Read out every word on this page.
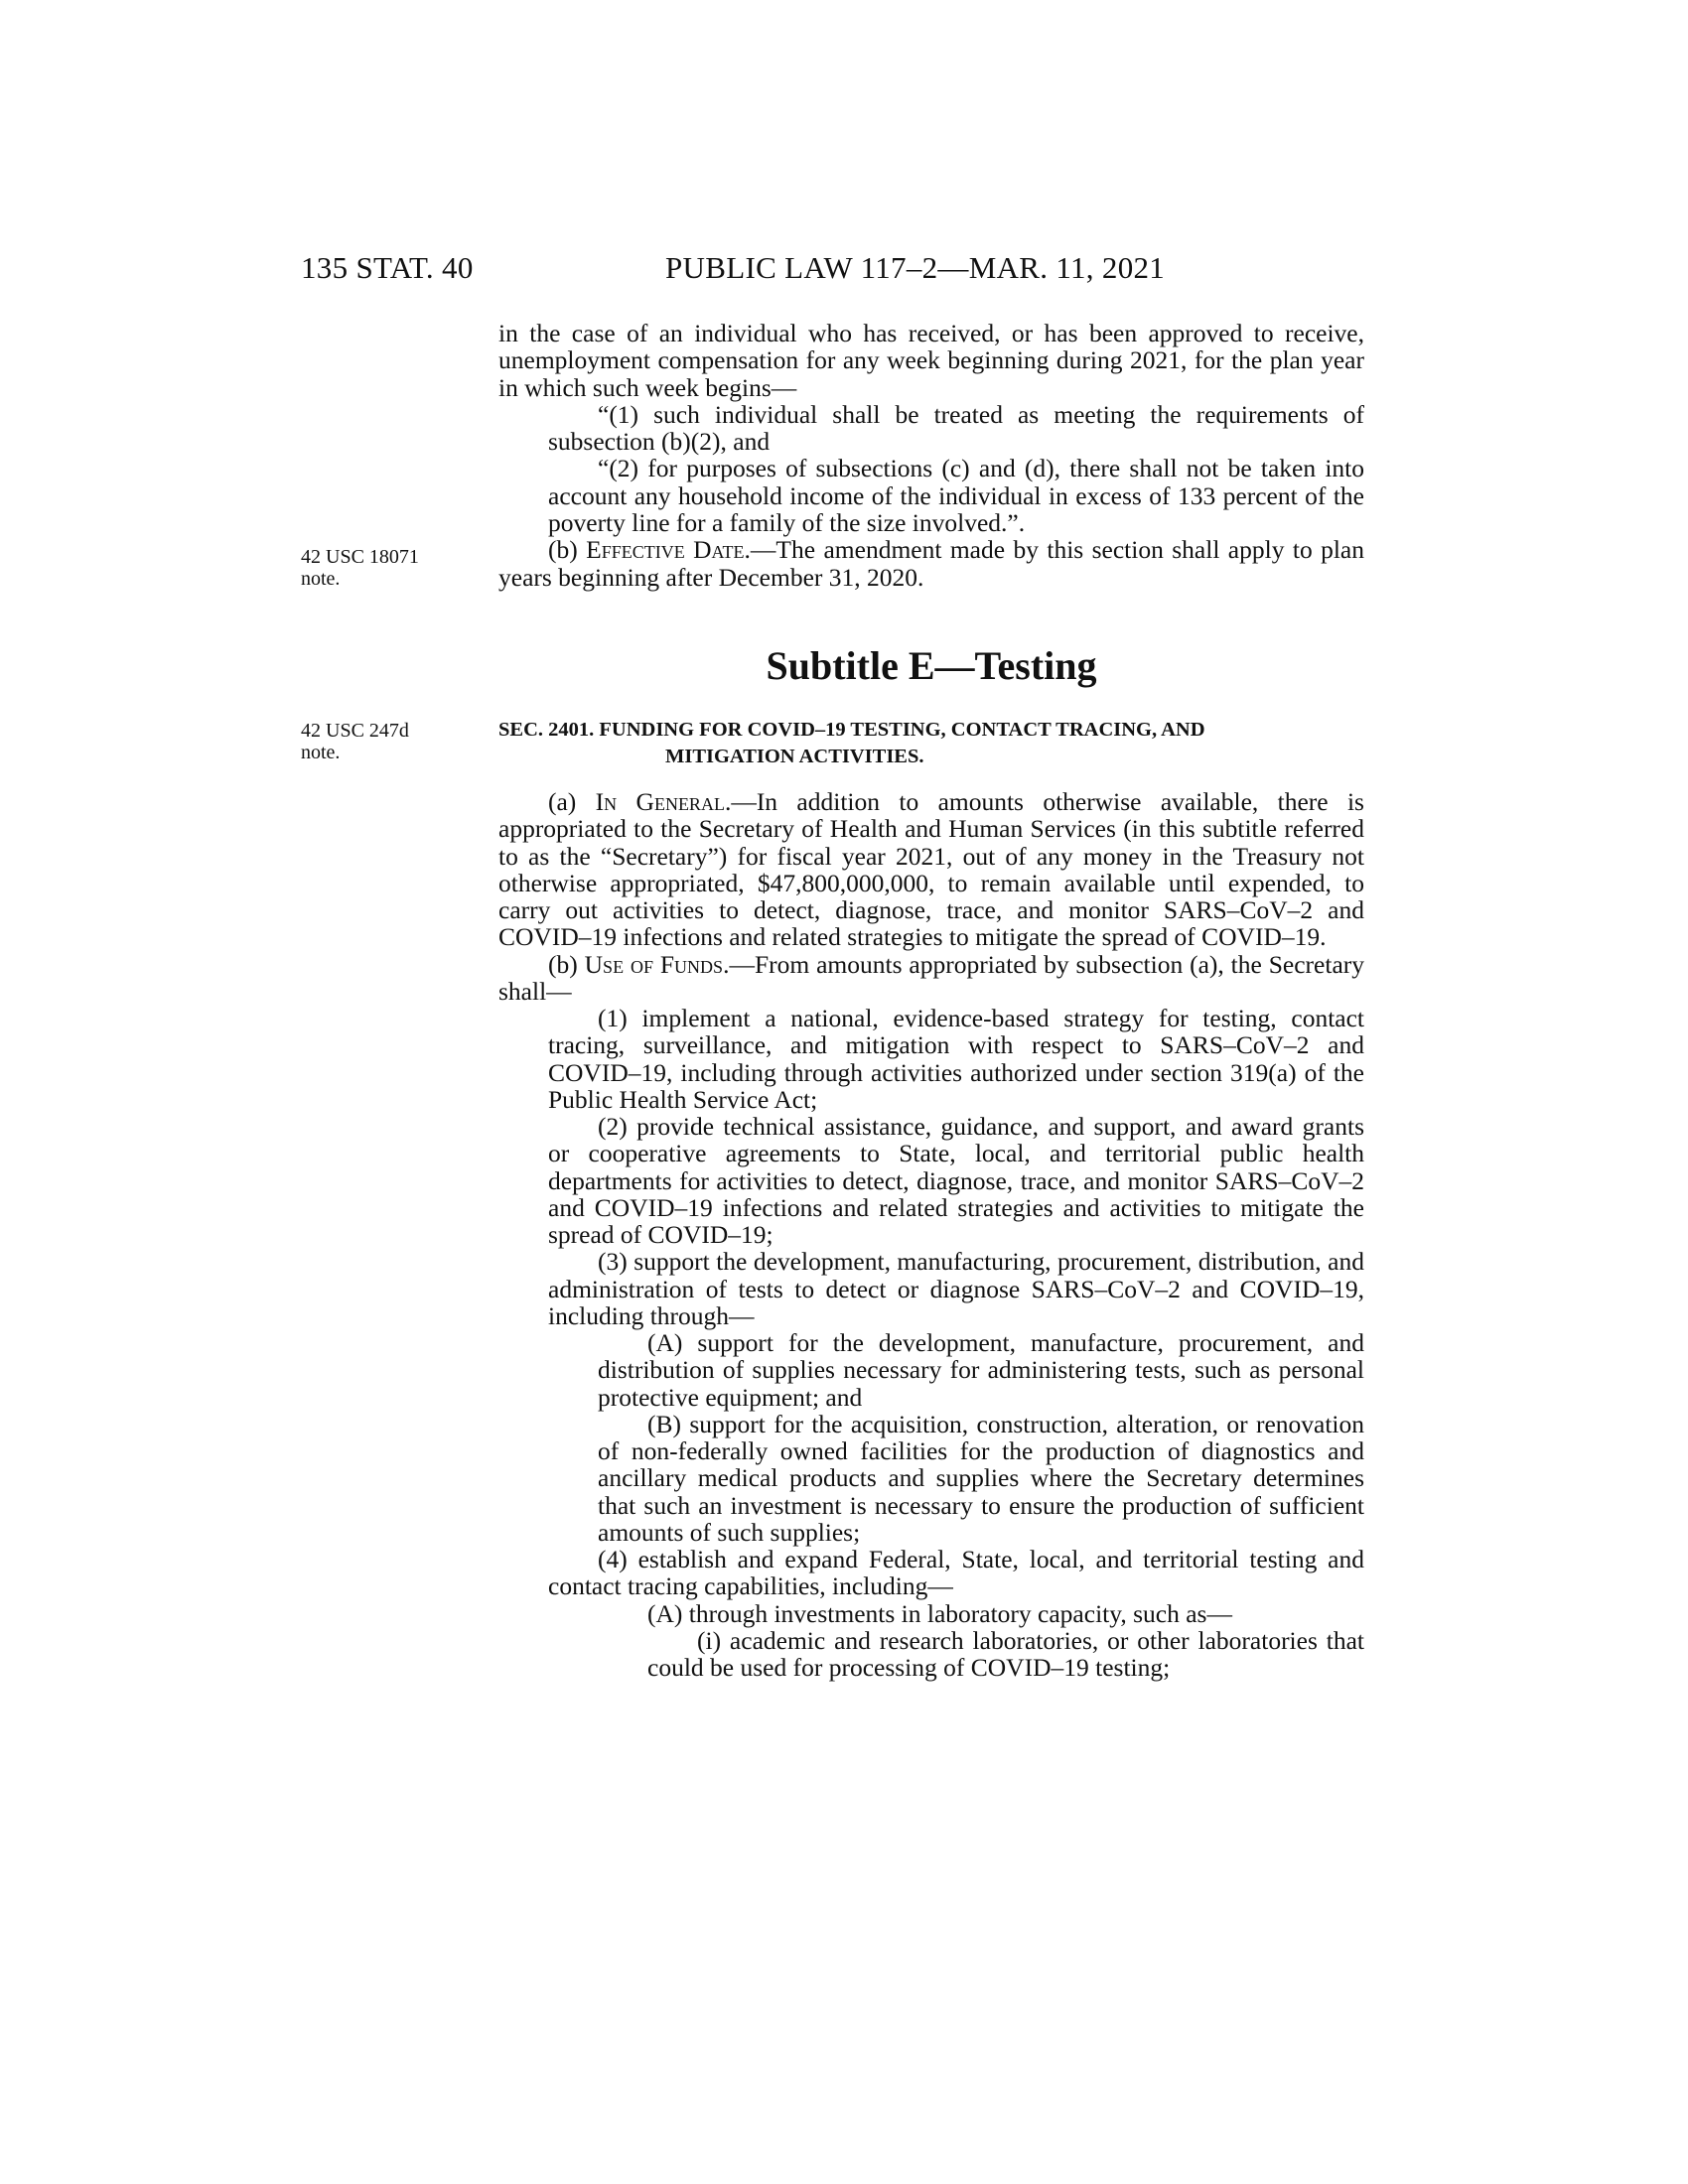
135 STAT. 40	PUBLIC LAW 117–2—MAR. 11, 2021
42 USC 18071
note.
42 USC 247d
note.

in the case of an individual who has received, or has been approved to receive, unemployment compensation for any week beginning during 2021, for the plan year in which such week begins—

“(1) such individual shall be treated as meeting the requirements of subsection (b)(2), and

“(2) for purposes of subsections (c) and (d), there shall not be taken into account any household income of the individual in excess of 133 percent of the poverty line for a family of the size involved.”.

(b) Effective Date.—The amendment made by this section shall apply to plan years beginning after December 31, 2020.

Subtitle E—Testing
SEC. 2401. FUNDING FOR COVID–19 TESTING, CONTACT TRACING, AND
MITIGATION ACTIVITIES.

(a) In General.—In addition to amounts otherwise available, there is appropriated to the Secretary of Health and Human Services (in this subtitle referred to as the “Secretary”) for fiscal year 2021, out of any money in the Treasury not otherwise appropriated, $47,800,000,000, to remain available until expended, to carry out activities to detect, diagnose, trace, and monitor SARS–CoV–2 and COVID–19 infections and related strategies to mitigate the spread of COVID–19.

(b) Use of Funds.—From amounts appropriated by subsection (a), the Secretary shall—

(1) implement a national, evidence-based strategy for testing, contact tracing, surveillance, and mitigation with respect to SARS–CoV–2 and COVID–19, including through activities authorized under section 319(a) of the Public Health Service Act;

(2) provide technical assistance, guidance, and support, and award grants or cooperative agreements to State, local, and territorial public health departments for activities to detect, diagnose, trace, and monitor SARS–CoV–2 and COVID–19 infections and related strategies and activities to mitigate the spread of COVID–19;

(3) support the development, manufacturing, procurement, distribution, and administration of tests to detect or diagnose SARS–CoV–2 and COVID–19, including through—

(A) support for the development, manufacture, procurement, and distribution of supplies necessary for administering tests, such as personal protective equipment; and

(B) support for the acquisition, construction, alteration, or renovation of non-federally owned facilities for the production of diagnostics and ancillary medical products and supplies where the Secretary determines that such an investment is necessary to ensure the production of sufficient amounts of such supplies;

(4) establish and expand Federal, State, local, and territorial testing and contact tracing capabilities, including—

(A) through investments in laboratory capacity, such as—

(i) academic and research laboratories, or other laboratories that could be used for processing of COVID–19 testing;
